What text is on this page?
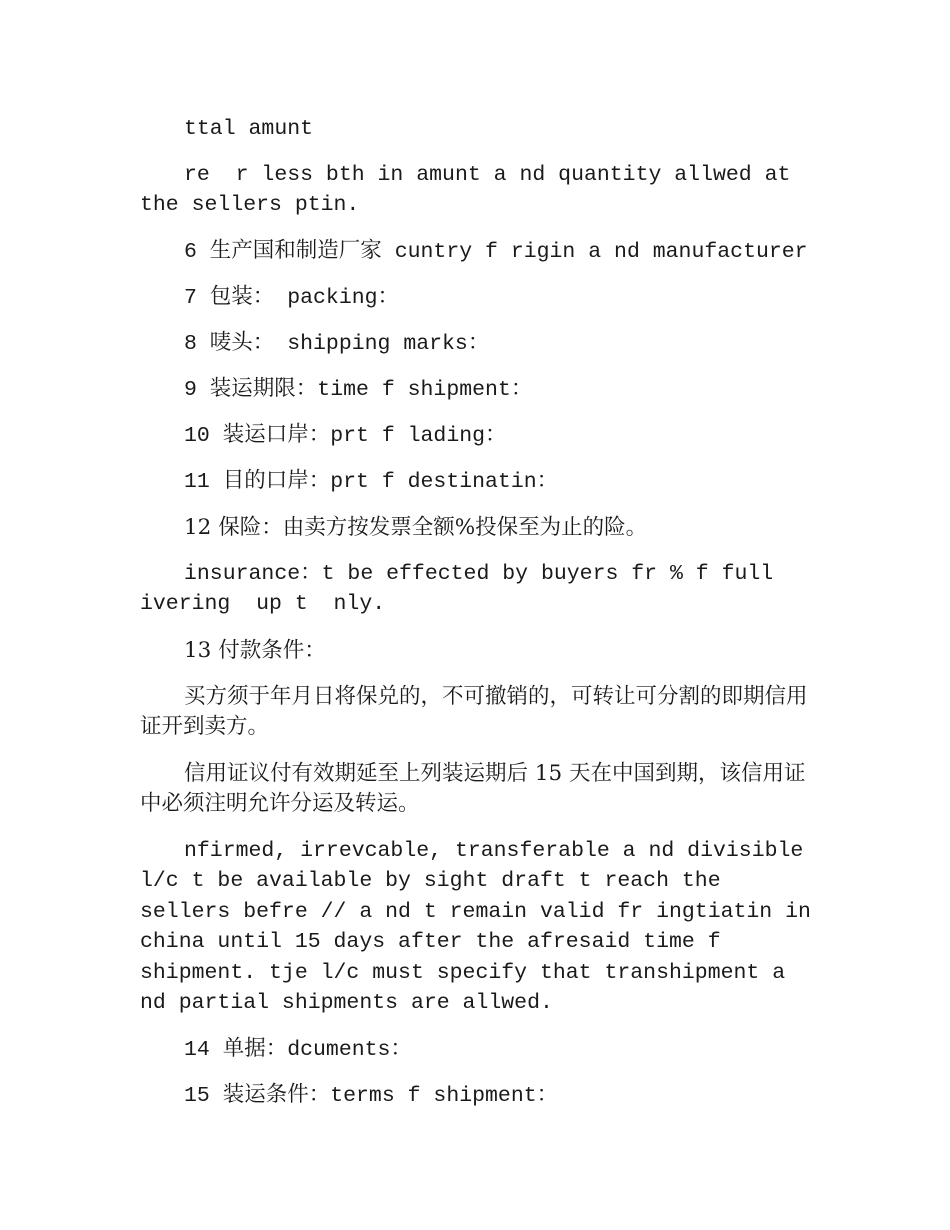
ttal amunt
re  r less bth in amunt a nd quantity allwed at the sellers ptin.
6 生产国和制造厂家 cuntry f rigin a nd manufacturer
7 包装： packing：
8 唛头： shipping marks：
9 装运期限：time f shipment：
10 装运口岸：prt f lading：
11 目的口岸：prt f destinatin：
12 保险：由卖方按发票全额%投保至为止的险。
insurance：t be effected by buyers fr % f full ivering  up t  nly.
13 付款条件：
买方须于年月日将保兑的，不可撤销的，可转让可分割的即期信用证开到卖方。
信用证议付有效期延至上列装运期后 15 天在中国到期，该信用证中必须注明允许分运及转运。
nfirmed, irrevcable, transferable a nd divisible l/c t be available by sight draft t reach the sellers befre // a nd t remain valid fr ingtiatin in china until 15 days after the afresaid time f shipment. tje l/c must specify that transhipment a nd partial shipments are allwed.
14 单据：dcuments：
15 装运条件：terms f shipment：
